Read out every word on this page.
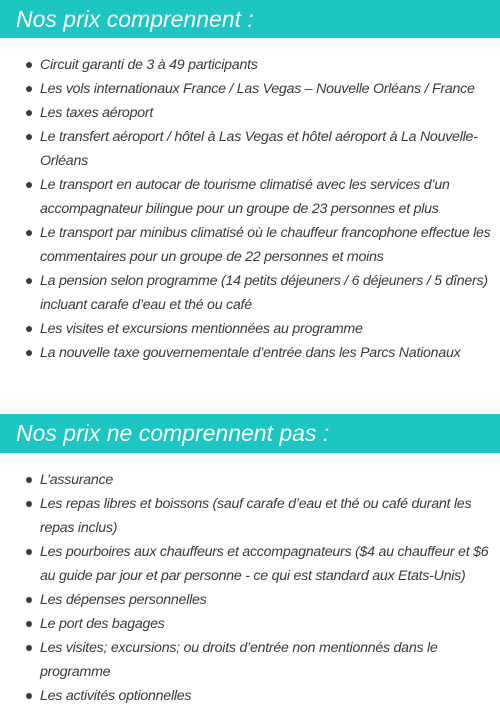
Nos prix comprennent :
Circuit garanti de 3 à 49 participants
Les vols internationaux France / Las Vegas – Nouvelle Orléans / France
Les taxes aéroport
Le transfert aéroport / hôtel à Las Vegas et hôtel aéroport à La Nouvelle-Orléans
Le transport en autocar de tourisme climatisé avec les services d’un accompagnateur bilingue pour un groupe de 23 personnes et plus
Le transport par minibus climatisé où le chauffeur francophone effectue les commentaires pour un groupe de 22 personnes et moins
La pension selon programme (14 petits déjeuners / 6 déjeuners / 5 dîners) incluant carafe d’eau et thé ou café
Les visites et excursions mentionnées au programme
La nouvelle taxe gouvernementale d’entrée dans les Parcs Nationaux
Nos prix ne comprennent pas :
L’assurance
Les repas libres et boissons (sauf carafe d’eau et thé ou café durant les repas inclus)
Les pourboires aux chauffeurs et accompagnateurs ($4 au chauffeur et $6 au guide par jour et par personne - ce qui est standard aux Etats-Unis)
Les dépenses personnelles
Le port des bagages
Les visites; excursions; ou droits d’entrée non mentionnés dans le programme
Les activités optionnelles
